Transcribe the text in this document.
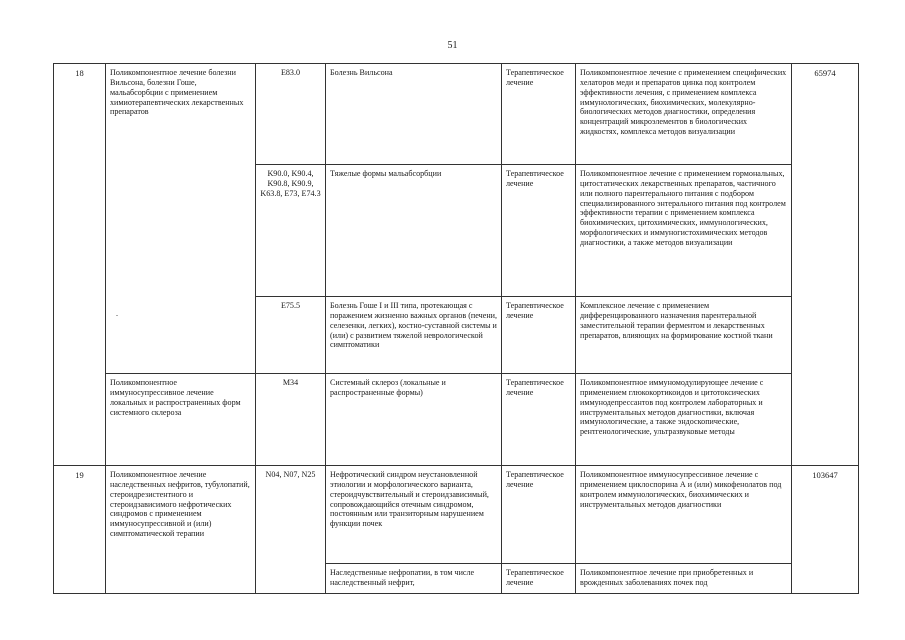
51
18	Поликомпонентное лечение болезни Вильсона, болезни Гоше, мальабсорбции с применением химиотерапевтических лекарственных препаратов	E83.0	Болезнь Вильсона	Терапевтическое лечение	Поликомпонентное лечение с применением специфических хелаторов меди и препаратов цинка под контролем эффективности лечения, с применением комплекса иммунологических, биохимических, молекулярно-биологических методов диагностики, определения концентраций микроэлементов в биологических жидкостях, комплекса методов визуализации	65974
		K90.0, K90.4, K90.8, K90.9, K63.8, E73, E74.3	Тяжелые формы мальабсорбции	Терапевтическое лечение	Поликомпонентное лечение с применением гормональных, цитостатических лекарственных препаратов, частичного или полного парентерального питания с подбором специализированного энтерального питания под контролем эффективности терапии с применением комплекса биохимических, цитохимических, иммунологических, морфологических и иммуногистохимических методов диагностики, а также методов визуализации	
		E75.5	Болезнь Гоше I и III типа, протекающая с поражением жизненно важных органов (печени, селезенки, легких), костно-суставной системы и (или) с развитием тяжелой неврологической симптоматики	Терапевтическое лечение	Комплексное лечение с применением дифференцированного назначения парентеральной заместительной терапии ферментом и лекарственных препаратов, влияющих на формирование костной ткани	
	Поликомпонентное иммуносупрессивное лечение локальных и распространенных форм системного склероза	M34	Системный склероз (локальные и распространенные формы)	Терапевтическое лечение	Поликомпонентное иммуномодулирующее лечение с применением глюкокортикоидов и цитотоксических иммунодепрессантов под контролем лабораторных и инструментальных методов диагностики, включая иммунологические, а также эндоскопические, рентгенологические, ультразвуковые методы	
19	Поликомпонентное лечение наследственных нефритов, тубулопатий, стероидрезистентного и стероидзависимого нефротических синдромов с применением иммуносупрессивной и (или) симптоматической терапии	N04, N07, N25	Нефротический синдром неустановленной этиологии и морфологического варианта, стероидчувствительный и стероидзависимый, сопровождающийся отечным синдромом, постоянным или транзиторным нарушением функции почек	Терапевтическое лечение	Поликомпонентное иммуносупрессивное лечение с применением циклоспорина А и (или) микофенолатов под контролем иммунологических, биохимических и инструментальных методов диагностики	103647
			Наследственные нефропатии, в том числе наследственный нефрит,	Терапевтическое лечение	Поликомпонентное лечение при приобретенных и врожденных заболеваниях почек под	
.
